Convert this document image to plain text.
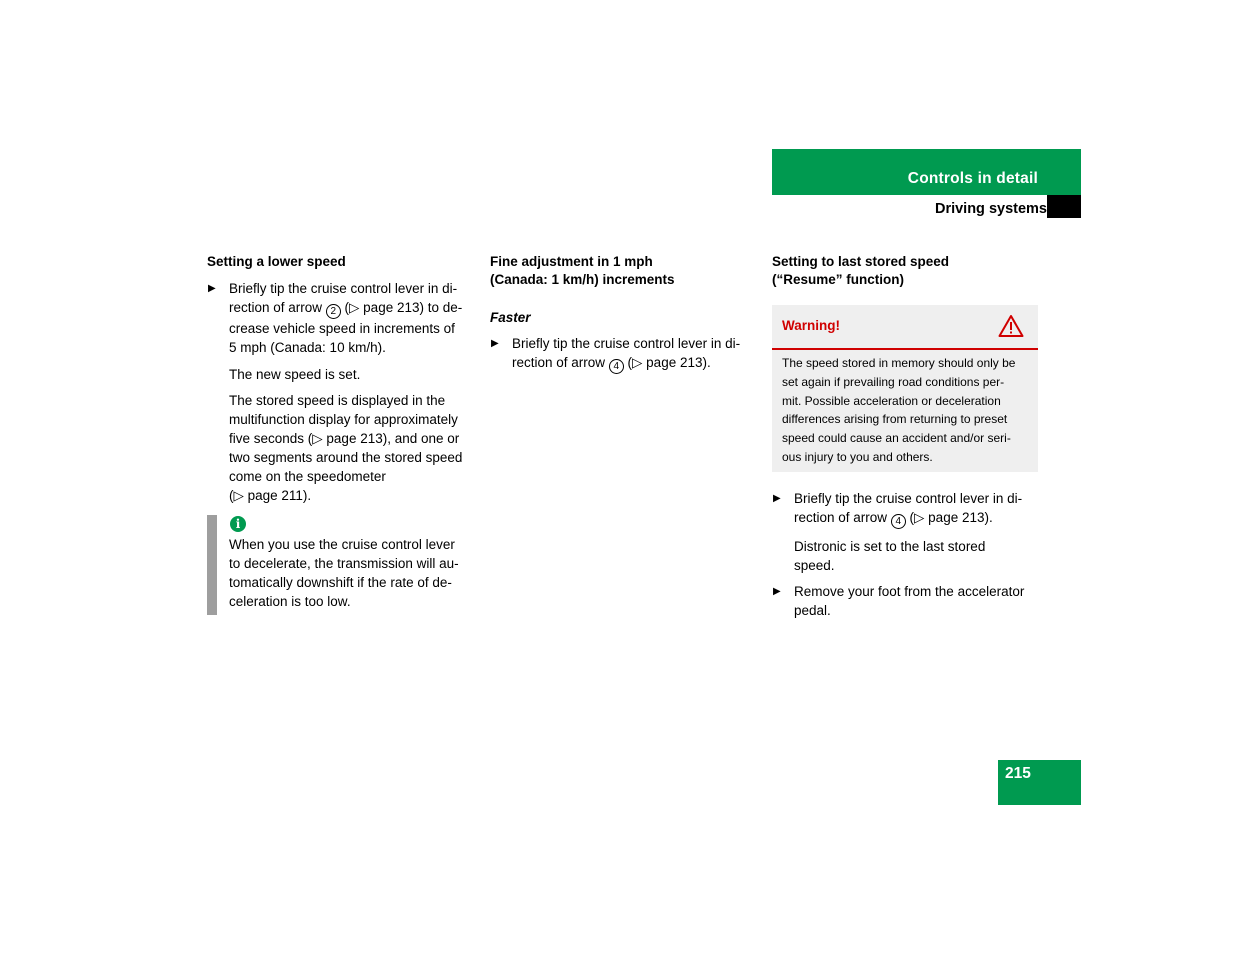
Controls in detail
Driving systems

Setting a lower speed

▶ Briefly tip the cruise control lever in di-
rection of arrow 2 (▷ page 213) to de-
crease vehicle speed in increments of
5 mph (Canada: 10 km/h).
The new speed is set.
The stored speed is displayed in the
multifunction display for approximately
five seconds (▷ page 213), and one or
two segments around the stored speed
come on the speedometer
(▷ page 211).
i
When you use the cruise control lever
to decelerate, the transmission will au-
tomatically downshift if the rate of de-
celeration is too low.

Fine adjustment in 1 mph
(Canada: 1 km/h) increments

Faster

▶ Briefly tip the cruise control lever in di-
rection of arrow 4 (▷ page 213).

Setting to last stored speed
(“Resume” function)

Warning!
The speed stored in memory should only be
set again if prevailing road conditions per-
mit. Possible acceleration or deceleration
differences arising from returning to preset
speed could cause an accident and/or seri-
ous injury to you and others.
▶ Briefly tip the cruise control lever in di-
rection of arrow 4 (▷ page 213).
Distronic is set to the last stored
speed.
▶ Remove your foot from the accelerator
pedal.
215
